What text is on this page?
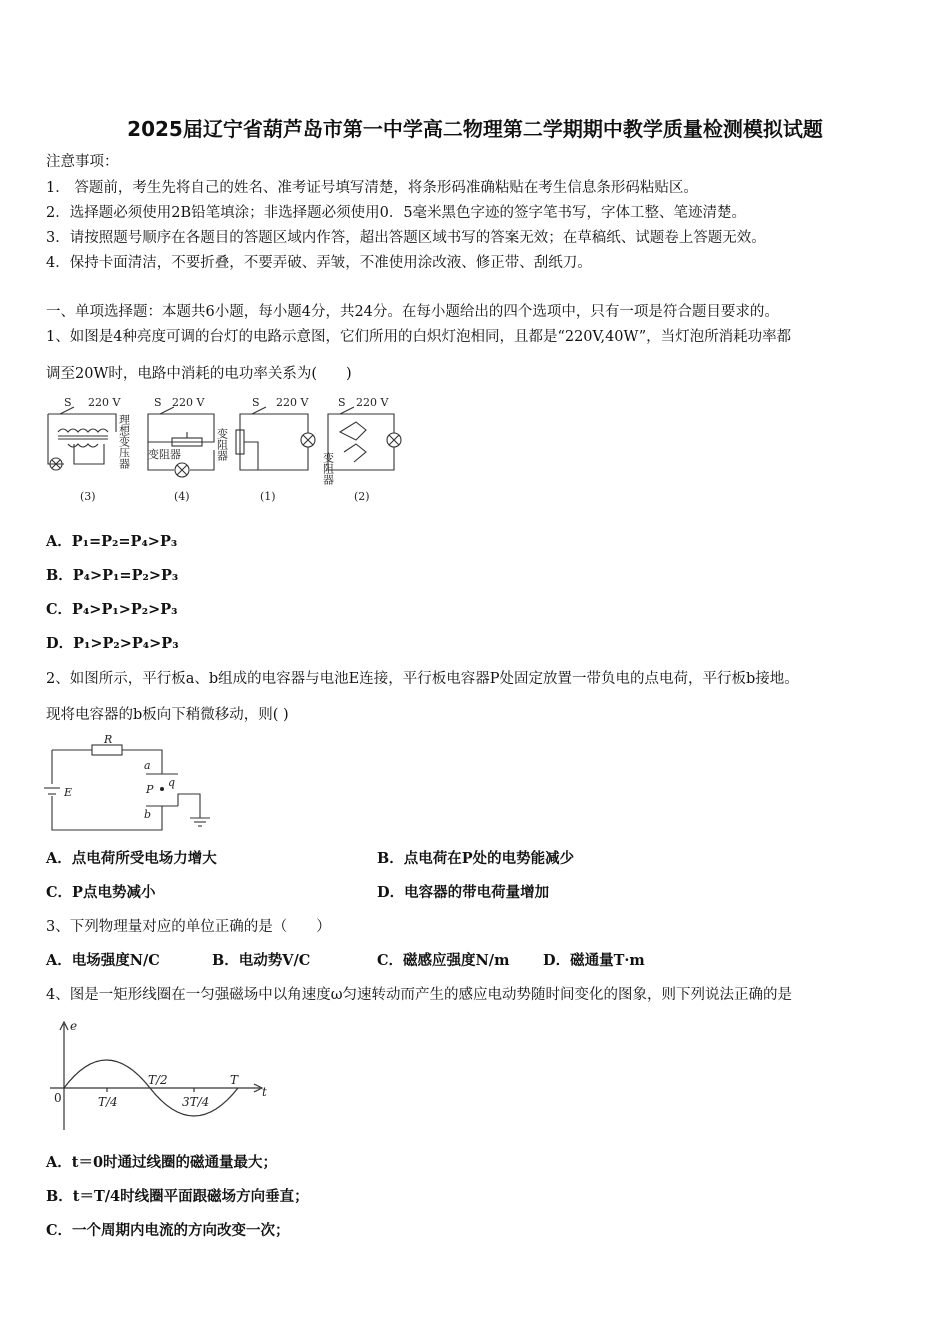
2025届辽宁省葫芦岛市第一中学高二物理第二学期期中教学质量检测模拟试题
注意事项：
1． 答题前，考生先将自己的姓名、准考证号填写清楚，将条形码准确粘贴在考生信息条形码粘贴区。
2．选择题必须使用2B铅笔填涂；非选择题必须使用0．5毫米黑色字迹的签字笔书写，字体工整、笔迹清楚。
3．请按照题号顺序在各题目的答题区域内作答，超出答题区域书写的答案无效；在草稿纸、试题卷上答题无效。
4．保持卡面清洁，不要折叠，不要弄破、弄皱，不准使用涂改液、修正带、刮纸刀。
一、单项选择题：本题共6小题，每小题4分，共24分。在每小题给出的四个选项中，只有一项是符合题目要求的。
1、如图是4种亮度可调的台灯的电路示意图，它们所用的白炽灯泡相同，且都是“220V,40W”，当灯泡所消耗功率都
调至20W时，电路中消耗的电功率关系为(　　)
S 220 V	S 220 V	S 220 V	S 220 V
(3)	(4)	(1)	(2)
理想变压器 变阻器	变阻器
变阻器
A．P₁=P₂=P₄>P₃
B．P₄>P₁=P₂>P₃
C．P₄>P₁>P₂>P₃
D．P₁>P₂>P₄>P₃
2、如图所示，平行板a、b组成的电容器与电池E连接，平行板电容器P处固定放置一带负电的点电荷，平行板b接地。
现将电容器的b板向下稍微移动，则( )
R
E
a
b
P
q
A．点电荷所受电场力增大	B．点电荷在P处的电势能减少
C．P点电势减小	D．电容器的带电荷量增加
3、下列物理量对应的单位正确的是（　　）
A．电场强度N/C	B．电动势V/C	C．磁感应强度N/m D．磁通量T·m
4、图是一矩形线圈在一匀强磁场中以角速度ω匀速转动而产生的感应电动势随时间变化的图象，则下列说法正确的是
e
t
0	T/4
T/2
3T/4
T
A．t＝0时通过线圈的磁通量最大；
B．t＝T/4时线圈平面跟磁场方向垂直；
C．一个周期内电流的方向改变一次；
